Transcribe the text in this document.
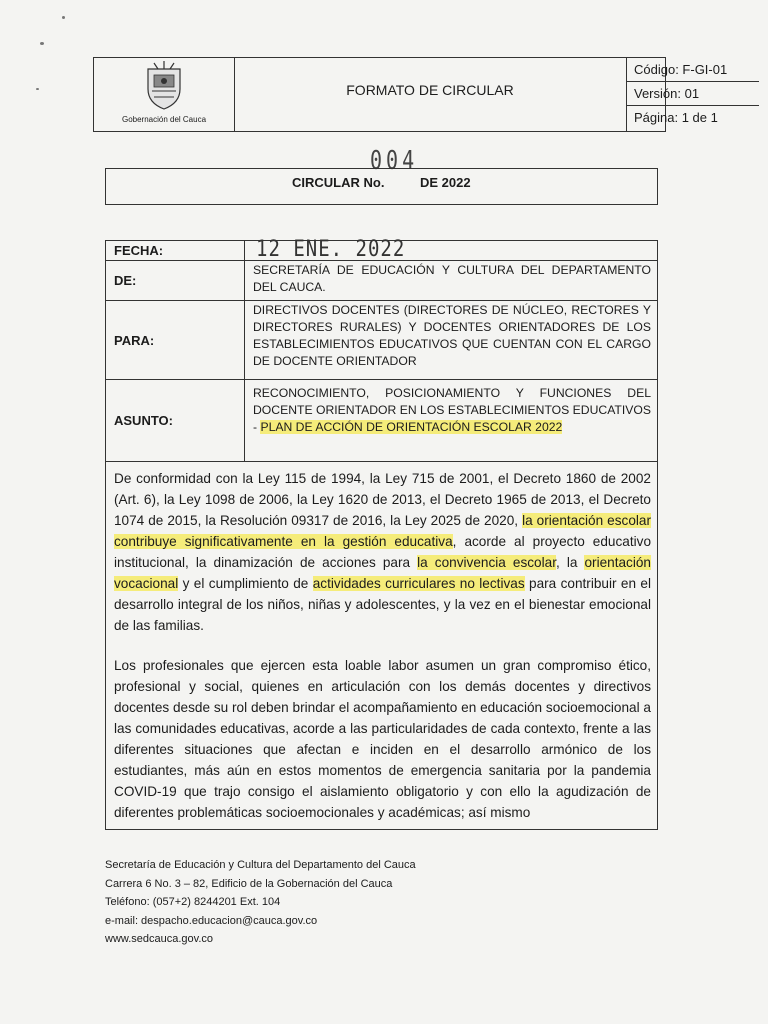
Gobernación del Cauca
FORMATO DE CIRCULAR
Código: F-GI-01
Versión: 01
Página: 1 de 1
004
CIRCULAR No.	DE 2022
FECHA:	12 ENE. 2022
DE:
SECRETARÍA DE EDUCACIÓN Y CULTURA DEL DEPARTAMENTO DEL CAUCA.
PARA:
DIRECTIVOS DOCENTES (DIRECTORES DE NÚCLEO, RECTORES Y DIRECTORES RURALES) Y DOCENTES ORIENTADORES DE LOS ESTABLECIMIENTOS EDUCATIVOS QUE CUENTAN CON EL CARGO DE DOCENTE ORIENTADOR
ASUNTO:
RECONOCIMIENTO, POSICIONAMIENTO Y FUNCIONES DEL DOCENTE ORIENTADOR EN LOS ESTABLECIMIENTOS EDUCATIVOS - PLAN DE ACCIÓN DE ORIENTACIÓN ESCOLAR 2022
De conformidad con la Ley 115 de 1994, la Ley 715 de 2001, el Decreto 1860 de 2002 (Art. 6), la Ley 1098 de 2006, la Ley 1620 de 2013, el Decreto 1965 de 2013, el Decreto 1074 de 2015, la Resolución 09317 de 2016, la Ley 2025 de 2020, la orientación escolar contribuye significativamente en la gestión educativa, acorde al proyecto educativo institucional, la dinamización de acciones para la convivencia escolar, la orientación vocacional y el cumplimiento de actividades curriculares no lectivas para contribuir en el desarrollo integral de los niños, niñas y adolescentes, y la vez en el bienestar emocional de las familias.
Los profesionales que ejercen esta loable labor asumen un gran compromiso ético, profesional y social, quienes en articulación con los demás docentes y directivos docentes desde su rol deben brindar el acompañamiento en educación socioemocional a las comunidades educativas, acorde a las particularidades de cada contexto, frente a las diferentes situaciones que afectan e inciden en el desarrollo armónico de los estudiantes, más aún en estos momentos de emergencia sanitaria por la pandemia COVID-19 que trajo consigo el aislamiento obligatorio y con ello la agudización de diferentes problemáticas socioemocionales y académicas; así mismo
Secretaría de Educación y Cultura del Departamento del Cauca
Carrera 6 No. 3 – 82, Edificio de la Gobernación del Cauca
Teléfono: (057+2) 8244201 Ext. 104
e-mail: despacho.educacion@cauca.gov.co
www.sedcauca.gov.co
